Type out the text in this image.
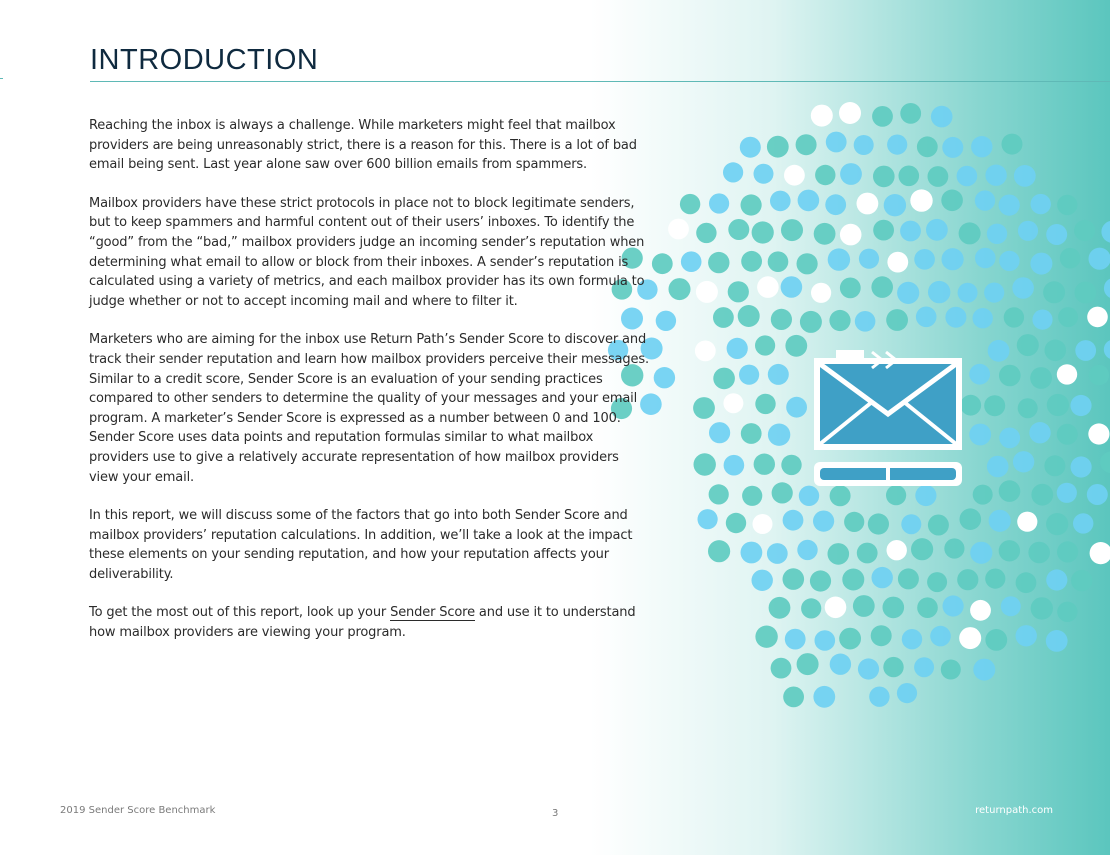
INTRODUCTION

Reaching the inbox is always a challenge. While marketers might feel that mailbox providers are being unreasonably strict, there is a reason for this. There is a lot of bad email being sent. Last year alone saw over 600 billion emails from spammers.

Mailbox providers have these strict protocols in place not to block legitimate senders, but to keep spammers and harmful content out of their users’ inboxes. To identify the “good” from the “bad,” mailbox providers judge an incoming sender’s reputation when determining what email to allow or block from their inboxes. A sender’s reputation is calculated using a variety of metrics, and each mailbox provider has its own formula to judge whether or not to accept incoming mail and where to filter it.

Marketers who are aiming for the inbox use Return Path’s Sender Score to discover and track their sender reputation and learn how mailbox providers perceive their messages. Similar to a credit score, Sender Score is an evaluation of your sending practices compared to other senders to determine the quality of your messages and your email program. A marketer’s Sender Score is expressed as a number between 0 and 100. Sender Score uses data points and reputation formulas similar to what mailbox providers use to give a relatively accurate representation of how mailbox providers view your email.

In this report, we will discuss some of the factors that go into both Sender Score and mailbox providers’ reputation calculations. In addition, we’ll take a look at the impact these elements on your sending reputation, and how your reputation affects your deliverability.

To get the most out of this report, look up your Sender Score and use it to understand how mailbox providers are viewing your program.

2019 Sender Score Benchmark	3	returnpath.com
